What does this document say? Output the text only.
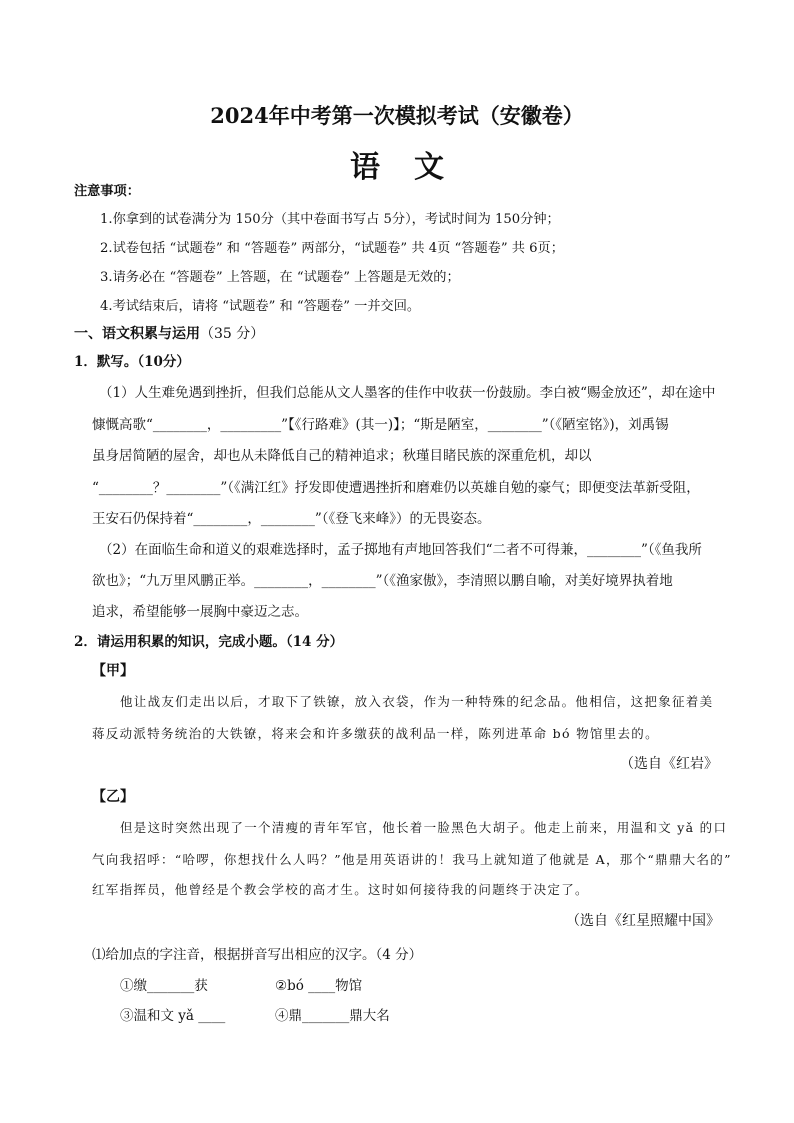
2024年中考第一次模拟考试（安徽卷）
语文
注意事项：
1.你拿到的试卷满分为 150分（其中卷面书写占 5分），考试时间为 150分钟；
2.试卷包括 “试题卷” 和 “答题卷” 两部分，“试题卷” 共 4页 “答题卷” 共 6页；
3.请务必在 “答题卷” 上答题，在 “试题卷” 上答题是无效的；
4.考试结束后，请将 “试题卷” 和 “答题卷” 一并交回。
一、语文积累与运用（35 分）
1．默写。（10分）
（1）人生难免遇到挫折，但我们总能从文人墨客的佳作中收获一份鼓励。李白被“赐金放还”，却在途中
慷慨高歌“________，_________”【《行路难》(其一)】；“斯是陋室，________”（《陋室铭》)，刘禹锡
虽身居简陋的屋舍，却也从未降低自己的精神追求；秋瑾目睹民族的深重危机，却以
“________？________”（《满江红》抒发即使遭遇挫折和磨难仍以英雄自勉的豪气；即便变法革新受阻，
王安石仍保持着“________，________”（《登飞来峰》）的无畏姿态。
（2）在面临生命和道义的艰难选择时，孟子掷地有声地回答我们“二者不可得兼，________”（《鱼我所
欲也》；“九万里风鹏正举。________，________”（《渔家傲》，李清照以鹏自喻，对美好境界执着地
追求，希望能够一展胸中豪迈之志。
2．请运用积累的知识，完成小题。（14 分）
【甲】
他让战友们走出以后，才取下了铁镣，放入衣袋，作为一种特殊的纪念品。他相信，这把象征着美
蒋反动派特务统治的大铁镣，将来会和许多缴获的战利品一样，陈列进革命 bó 物馆里去的。
（选自《红岩》
【乙】
但是这时突然出现了一个清瘦的青年军官，他长着一脸黑色大胡子。他走上前来，用温和文 yǎ 的口
气向我招呼：“哈啰，你想找什么人吗？”他是用英语讲的！我马上就知道了他就是 A，那个“鼎鼎大名的”
红军指挥员，他曾经是个教会学校的高才生。这时如何接待我的问题终于决定了。
（选自《红星照耀中国》
⑴给加点的字注音，根据拼音写出相应的汉字。（4 分）
①缴_______获	②bó ____物馆
③温和文 yǎ ____	④鼎_______鼎大名
